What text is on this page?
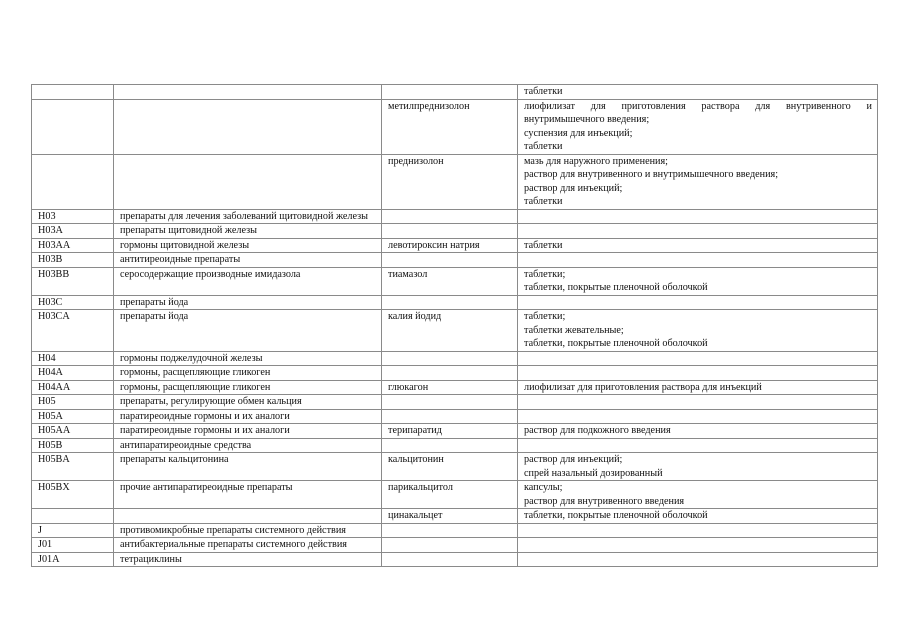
			таблетки

		метилпреднизолон	лиофилизат для приготовления раствора для внутривенного и внутримышечного введения;
суспензия для инъекций;
таблетки

		преднизолон	мазь для наружного применения;
раствор для внутривенного и внутримышечного введения;
раствор для инъекций;
таблетки

H03	препараты для лечения заболеваний щитовидной железы		
H03A	препараты щитовидной железы		
H03AA	гормоны щитовидной железы	левотироксин натрия	таблетки

H03B	антитиреоидные препараты		
H03BB	серосодержащие производные имидазола	тиамазол	таблетки;
таблетки, покрытые пленочной оболочкой

H03C	препараты йода		
H03CA	препараты йода	калия йодид	таблетки;
таблетки жевательные;
таблетки, покрытые пленочной оболочкой

H04	гормоны поджелудочной железы		
H04A	гормоны, расщепляющие гликоген		
H04AA	гормоны, расщепляющие гликоген	глюкагон	лиофилизат для приготовления раствора для инъекций

H05	препараты, регулирующие обмен кальция		
H05A	паратиреоидные гормоны и их аналоги		
H05AA	паратиреоидные гормоны и их аналоги	терипаратид	раствор для подкожного введения

H05B	антипаратиреоидные средства		
H05BA	препараты кальцитонина	кальцитонин	раствор для инъекций;
спрей назальный дозированный

H05BX	прочие антипаратиреоидные препараты	парикальцитол	капсулы;
раствор для внутривенного введения

		цинакальцет	таблетки, покрытые пленочной оболочкой

J	противомикробные препараты системного действия		
J01	антибактериальные препараты системного действия		
J01A	тетрациклины		
